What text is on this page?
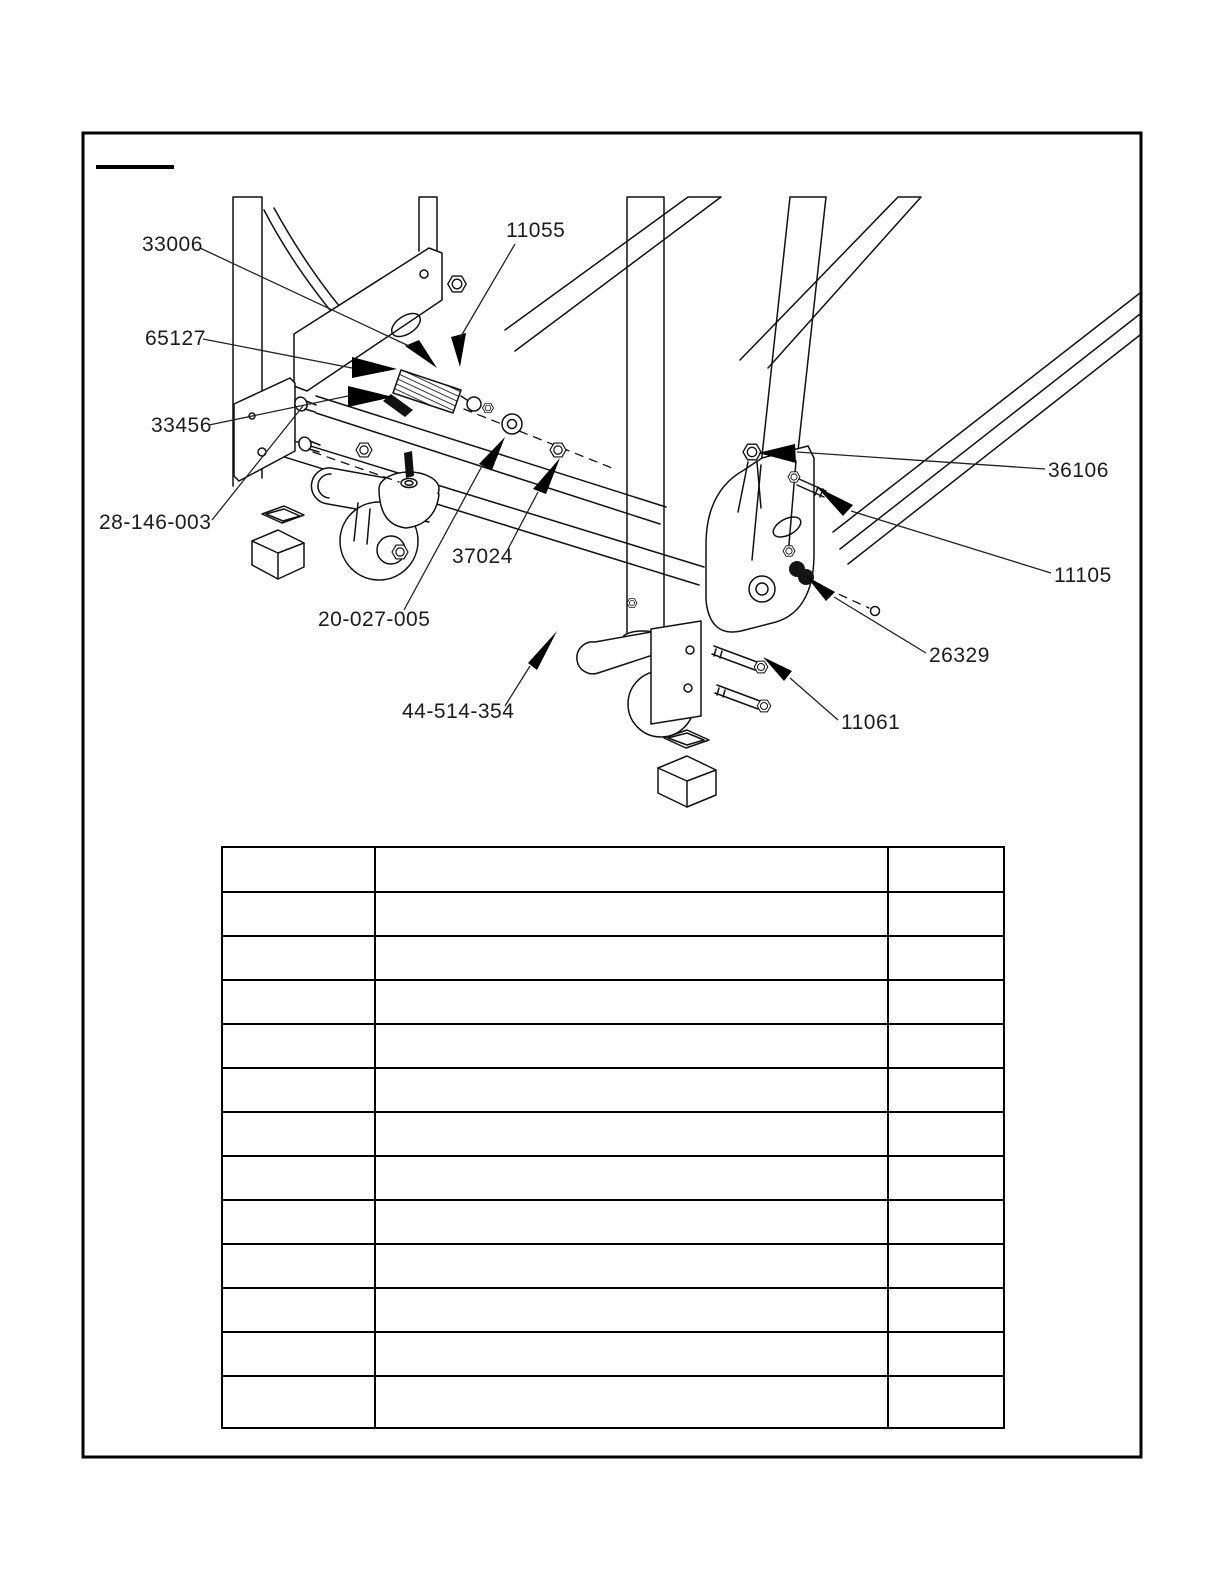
33006
65127
33456
28-146-003
11055
37024
20-027-005
44-514-354
36106
11105
26329
11061
